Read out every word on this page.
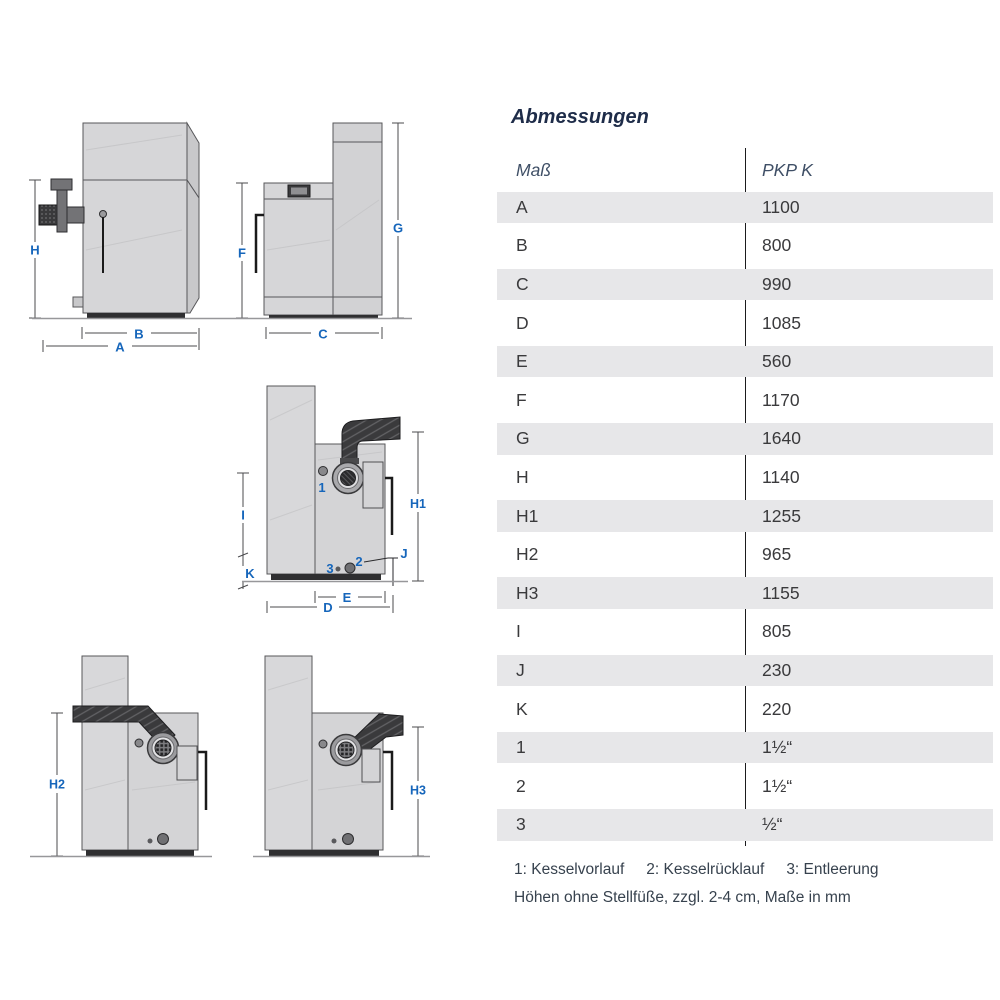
Abmessungen
Maß	PKP K
A	1100
B	800
C	990
D	1085
E	560
F	1170
G	1640
H	1140
H1	1255
H2	965
H3	1155
I	805
J	230
K	220
1	1½“
2	1½“
3	½“
1: Kesselvorlauf 2: Kesselrücklauf 3: Entleerung
Höhen ohne Stellfüße, zzgl. 2-4 cm, Maße in mm
H
B
A
F
G
C
1
3 2
J
H1
I
K
E
D
H2	H3
